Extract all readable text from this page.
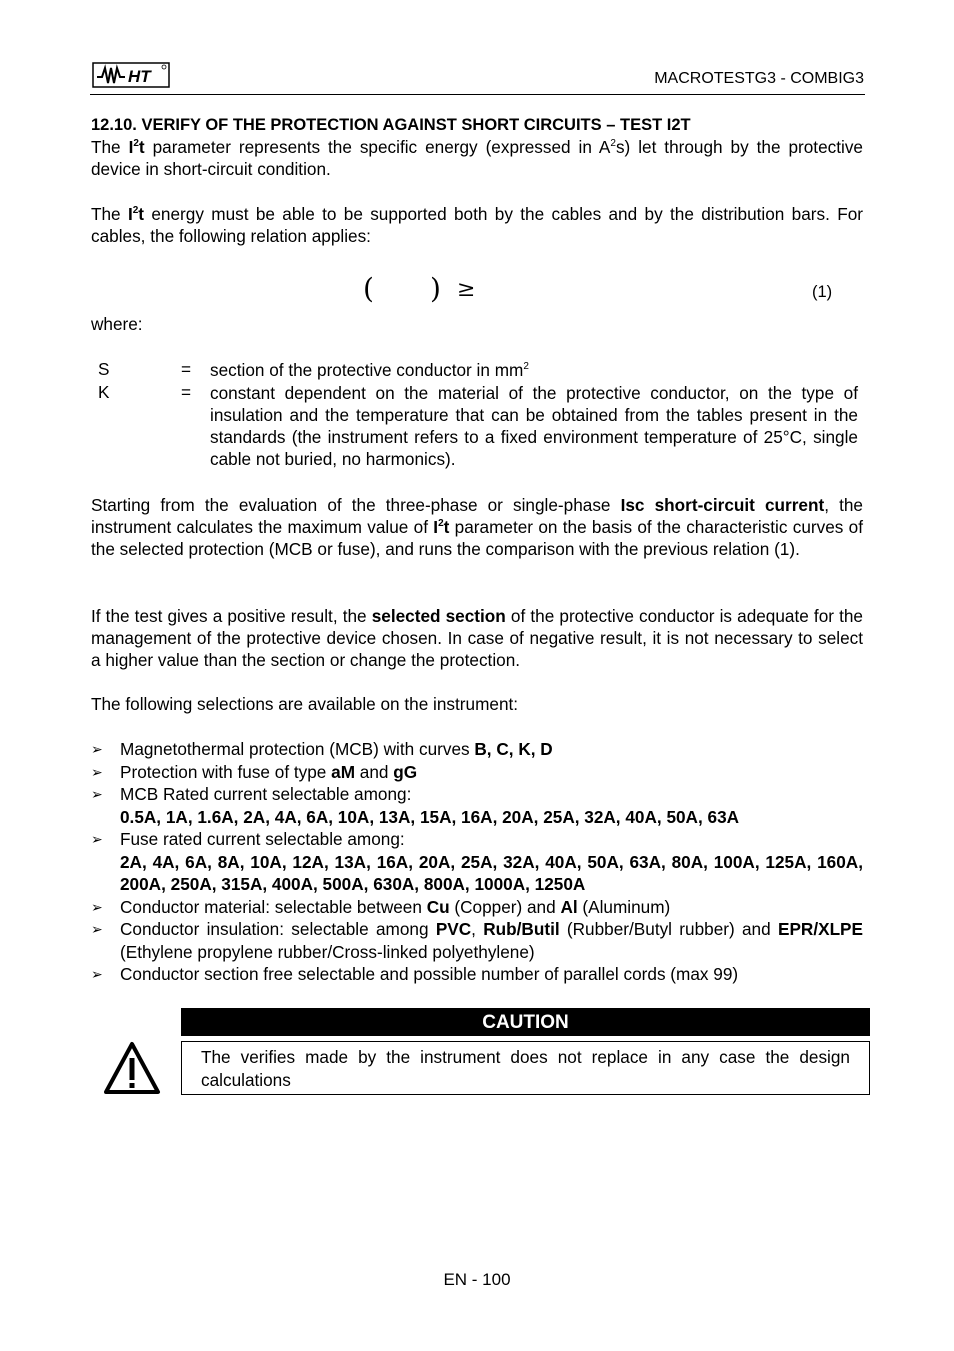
HT	MACROTESTG3 - COMBIG3
12.10. VERIFY OF THE PROTECTION AGAINST SHORT CIRCUITS – TEST I2T
The $I^2t$ parameter represents the specific energy (expressed in $A^2s$) let through by the protective device in short-circuit condition.
The $I^2t$ energy must be able to be supported both by the cables and by the distribution bars. For cables, the following relation applies:
( ) ≥	(1)
where:
S	= section of the protective conductor in $mm^2$
K	= constant dependent on the material of the protective conductor, on the type of insulation and the temperature that can be obtained from the tables present in the standards (the instrument refers to a fixed environment temperature of 25°C, single cable not buried, no harmonics).
Starting from the evaluation of the three-phase or single-phase Isc short-circuit current, the instrument calculates the maximum value of $I^2t$ parameter on the basis of the characteristic curves of the selected protection (MCB or fuse), and runs the comparison with the previous relation (1).
If the test gives a positive result, the selected section of the protective conductor is adequate for the management of the protective device chosen. In case of negative result, it is not necessary to select a higher value than the section or change the protection.
The following selections are available on the instrument:
➢ Magnetothermal protection (MCB) with curves B, C, K, D
➢ Protection with fuse of type aM and gG
➢ MCB Rated current selectable among:
0.5A, 1A, 1.6A, 2A, 4A, 6A, 10A, 13A, 15A, 16A, 20A, 25A, 32A, 40A, 50A, 63A
➢ Fuse rated current selectable among:
2A, 4A, 6A, 8A, 10A, 12A, 13A, 16A, 20A, 25A, 32A, 40A, 50A, 63A, 80A, 100A, 125A, 160A, 200A, 250A, 315A, 400A, 500A, 630A, 800A, 1000A, 1250A
➢ Conductor material: selectable between Cu (Copper) and Al (Aluminum)
➢ Conductor insulation: selectable among PVC, Rub/Butil (Rubber/Butyl rubber) and EPR/XLPE (Ethylene propylene rubber/Cross-linked polyethylene)
➢ Conductor section free selectable and possible number of parallel cords (max 99)
CAUTION
The verifies made by the instrument does not replace in any case the design calculations
EN - 100
